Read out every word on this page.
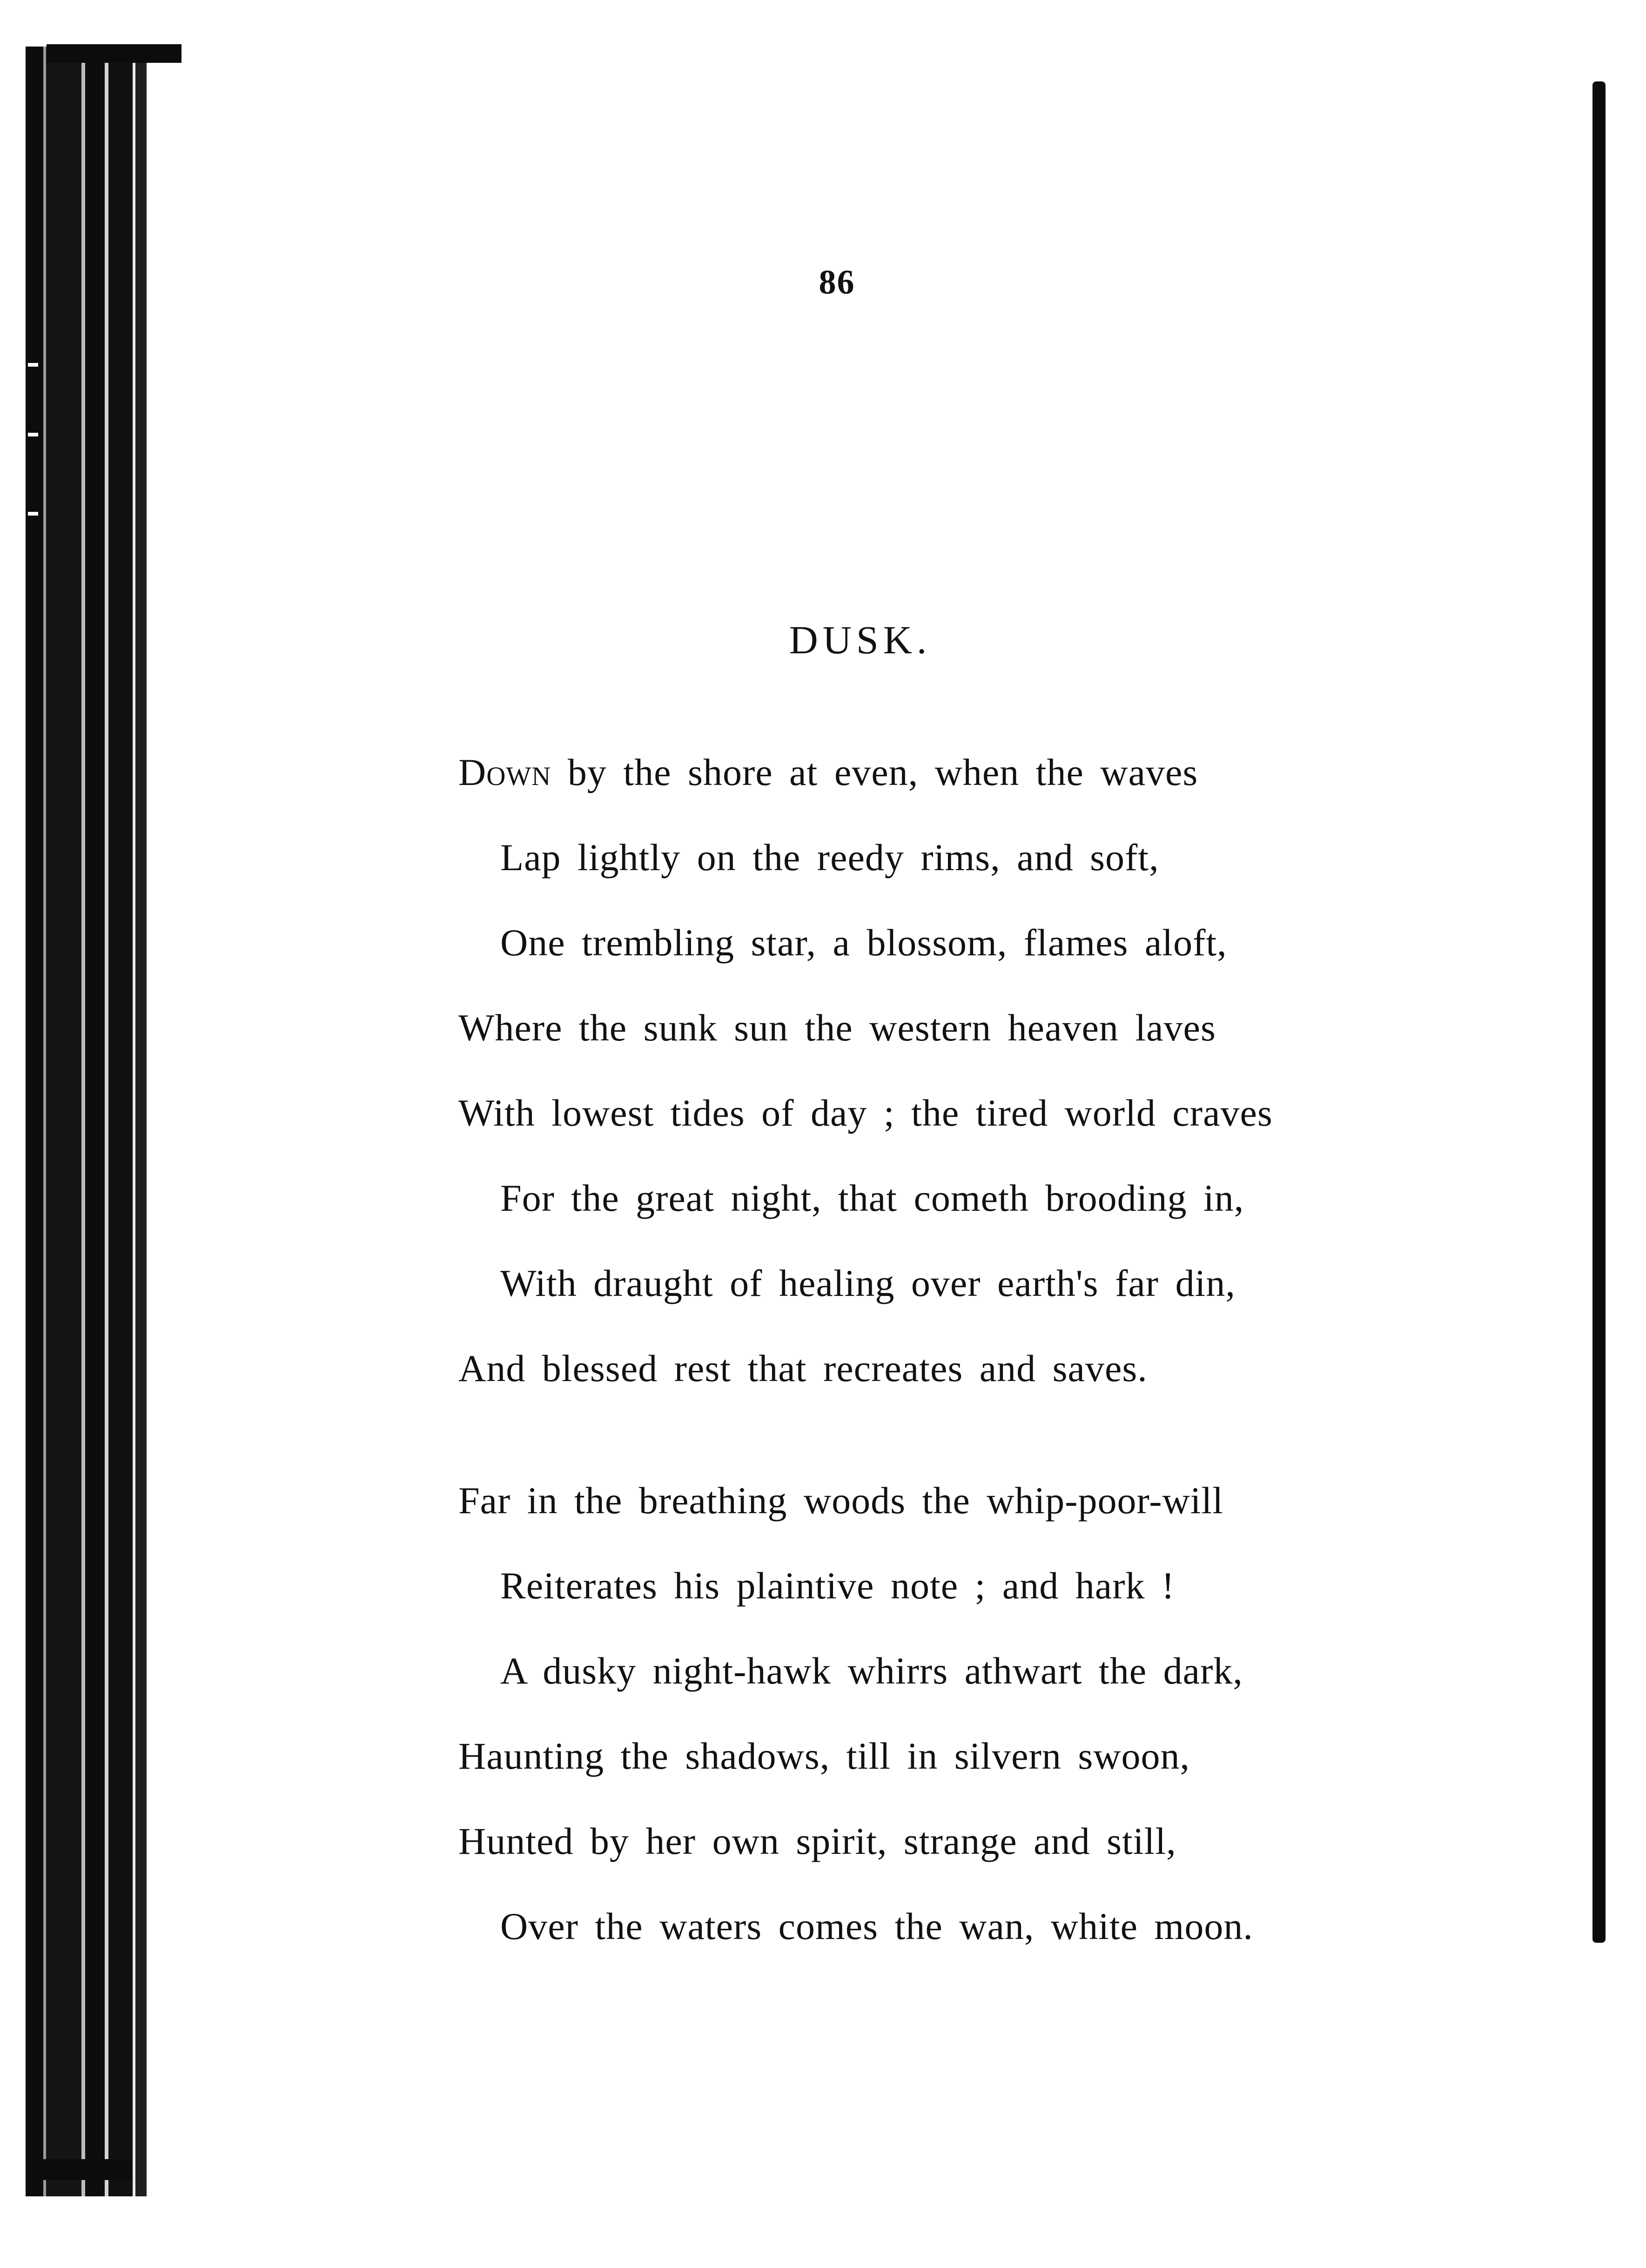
86
DUSK.
Down by the shore at even, when the waves
Lap lightly on the reedy rims, and soft,
One trembling star, a blossom, flames aloft,
Where the sunk sun the western heaven laves
With lowest tides of day ; the tired world craves
For the great night, that cometh brooding in,
With draught of healing over earth's far din,
And blessed rest that recreates and saves.
Far in the breathing woods the whip-poor-will
Reiterates his plaintive note ; and hark !
A dusky night-hawk whirrs athwart the dark,
Haunting the shadows, till in silvern swoon,
Hunted by her own spirit, strange and still,
Over the waters comes the wan, white moon.
